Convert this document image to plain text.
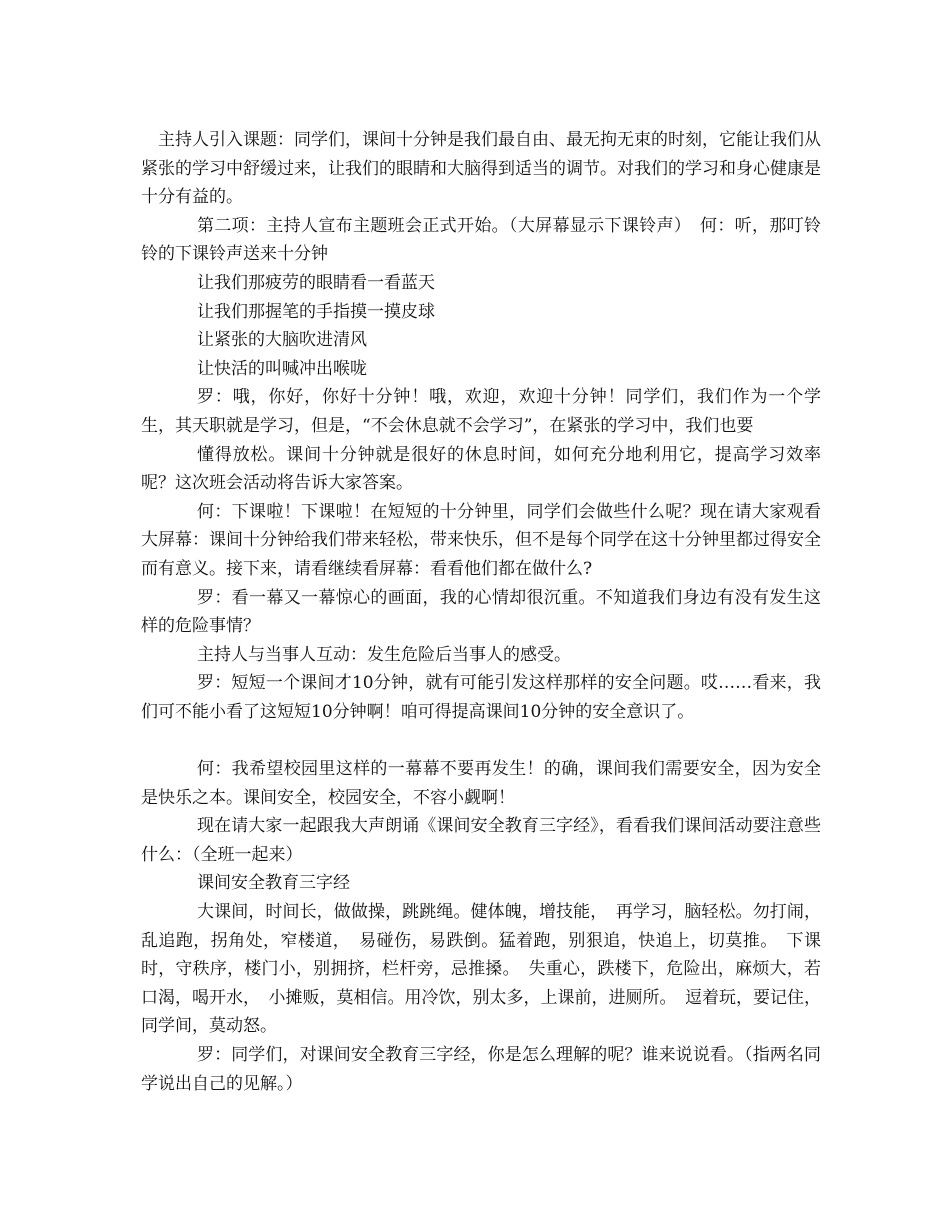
主持人引入课题：同学们，课间十分钟是我们最自由、最无拘无束的时刻，它能让我们从紧张的学习中舒缓过来，让我们的眼睛和大脑得到适当的调节。对我们的学习和身心健康是十分有益的。

第二项：主持人宣布主题班会正式开始。（大屏幕显示下课铃声）　何：听，那叮铃铃的下课铃声送来十分钟

让我们那疲劳的眼睛看一看蓝天

让我们那握笔的手指摸一摸皮球

让紧张的大脑吹进清风

让快活的叫喊冲出喉咙

罗：哦，你好，你好十分钟！哦，欢迎，欢迎十分钟！同学们，我们作为一个学生，其天职就是学习，但是，“不会休息就不会学习”，在紧张的学习中，我们也要

懂得放松。课间十分钟就是很好的休息时间，如何充分地利用它，提高学习效率呢？这次班会活动将告诉大家答案。

何：下课啦！下课啦！在短短的十分钟里，同学们会做些什么呢？现在请大家观看大屏幕：课间十分钟给我们带来轻松，带来快乐，但不是每个同学在这十分钟里都过得安全而有意义。接下来，请看继续看屏幕：看看他们都在做什么?

罗：看一幕又一幕惊心的画面，我的心情却很沉重。不知道我们身边有没有发生这样的危险事情？

主持人与当事人互动：发生危险后当事人的感受。

罗：短短一个课间才10分钟，就有可能引发这样那样的安全问题。哎……看来，我们可不能小看了这短短10分钟啊！咱可得提高课间10分钟的安全意识了。

何：我希望校园里这样的一幕幕不要再发生！的确，课间我们需要安全，因为安全是快乐之本。课间安全，校园安全，不容小觑啊！

现在请大家一起跟我大声朗诵《课间安全教育三字经》，看看我们课间活动要注意些什么：（全班一起来）

课间安全教育三字经

大课间，时间长，做做操，跳跳绳。健体魄，增技能，　再学习，脑轻松。勿打闹，乱追跑，拐角处，窄楼道，　易碰伤，易跌倒。猛着跑，别狠追，快追上，切莫推。　下课时，守秩序，楼门小，别拥挤，栏杆旁，忌推搡。　失重心，跌楼下，危险出，麻烦大，若口渴，喝开水，　小摊贩，莫相信。用冷饮，别太多，上课前，进厕所。　逗着玩，要记住，同学间，莫动怒。

罗：同学们，对课间安全教育三字经，你是怎么理解的呢？谁来说说看。（指两名同学说出自己的见解。）
